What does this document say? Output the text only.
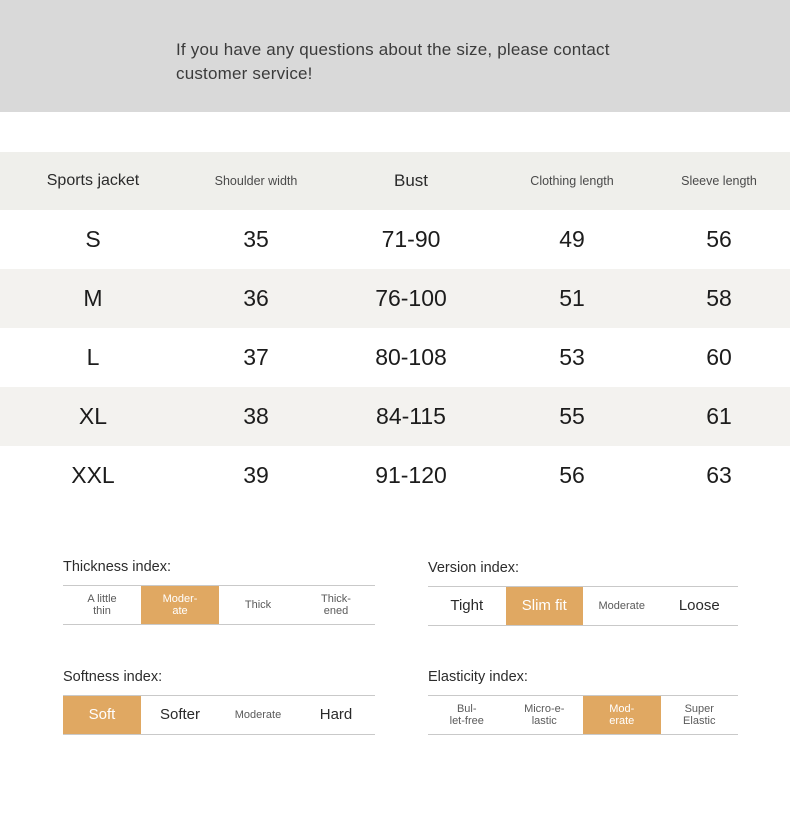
If you have any questions about the size, please contact customer service!
Sports jacket	Shoulder width	Bust	Clothing length	Sleeve length
S	35	71-90	49	56
M	36	76-100	51	58
L	37	80-108	53	60
XL	38	84-115	55	61
XXL	39	91-120	56	63
Thickness index:
A little
thin
Moder-
ate	Thick	Thick-
ened
Version index:
Tight	Slim fit	Moderate	Loose
Softness index:
Soft	Softer	Moderate	Hard
Elasticity index:
Bul-
let-free
Micro-e-
lastic
Mod-
erate
Super
Elastic
